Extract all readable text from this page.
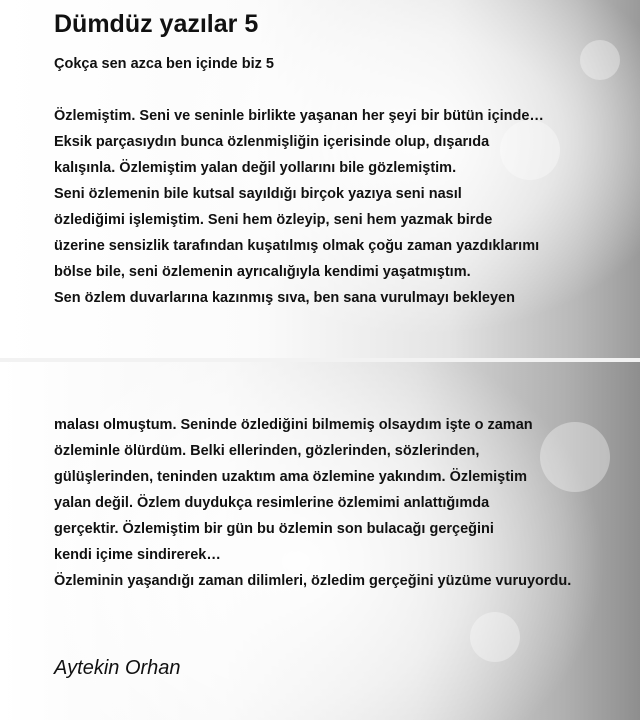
Dümdüz yazılar 5
Çokça sen azca ben içinde biz 5
Özlemiştim. Seni ve seninle birlikte yaşanan her şeyi bir bütün içinde…
Eksik parçasıydın bunca özlenmişliğin içerisinde olup, dışarıda
kalışınla. Özlemiştim yalan değil yollarını bile gözlemiştim.
Seni özlemenin bile kutsal sayıldığı birçok yazıya seni nasıl
özlediğimi işlemiştim. Seni hem özleyip, seni hem yazmak birde
üzerine sensizlik tarafından kuşatılmış olmak çoğu zaman yazdıklarımı
bölse bile, seni özlemenin ayrıcalığıyla kendimi yaşatmıştım.
Sen özlem duvarlarına kazınmış sıva, ben sana vurulmayı bekleyen
malası olmuştum. Seninde özlediğini bilmemiş olsaydım işte o zaman
özleminle ölürdüm. Belki ellerinden, gözlerinden, sözlerinden,
gülüşlerinden, teninden uzaktım ama özlemine yakındım. Özlemiştim
yalan değil. Özlem duydukça resimlerine özlemimi anlattığımda
gerçektir. Özlemiştim bir gün bu özlemin son bulacağı gerçeğini
kendi içime sindirerek…
Özleminin yaşandığı zaman dilimleri, özledim gerçeğini yüzüme vuruyordu.
Aytekin Orhan
